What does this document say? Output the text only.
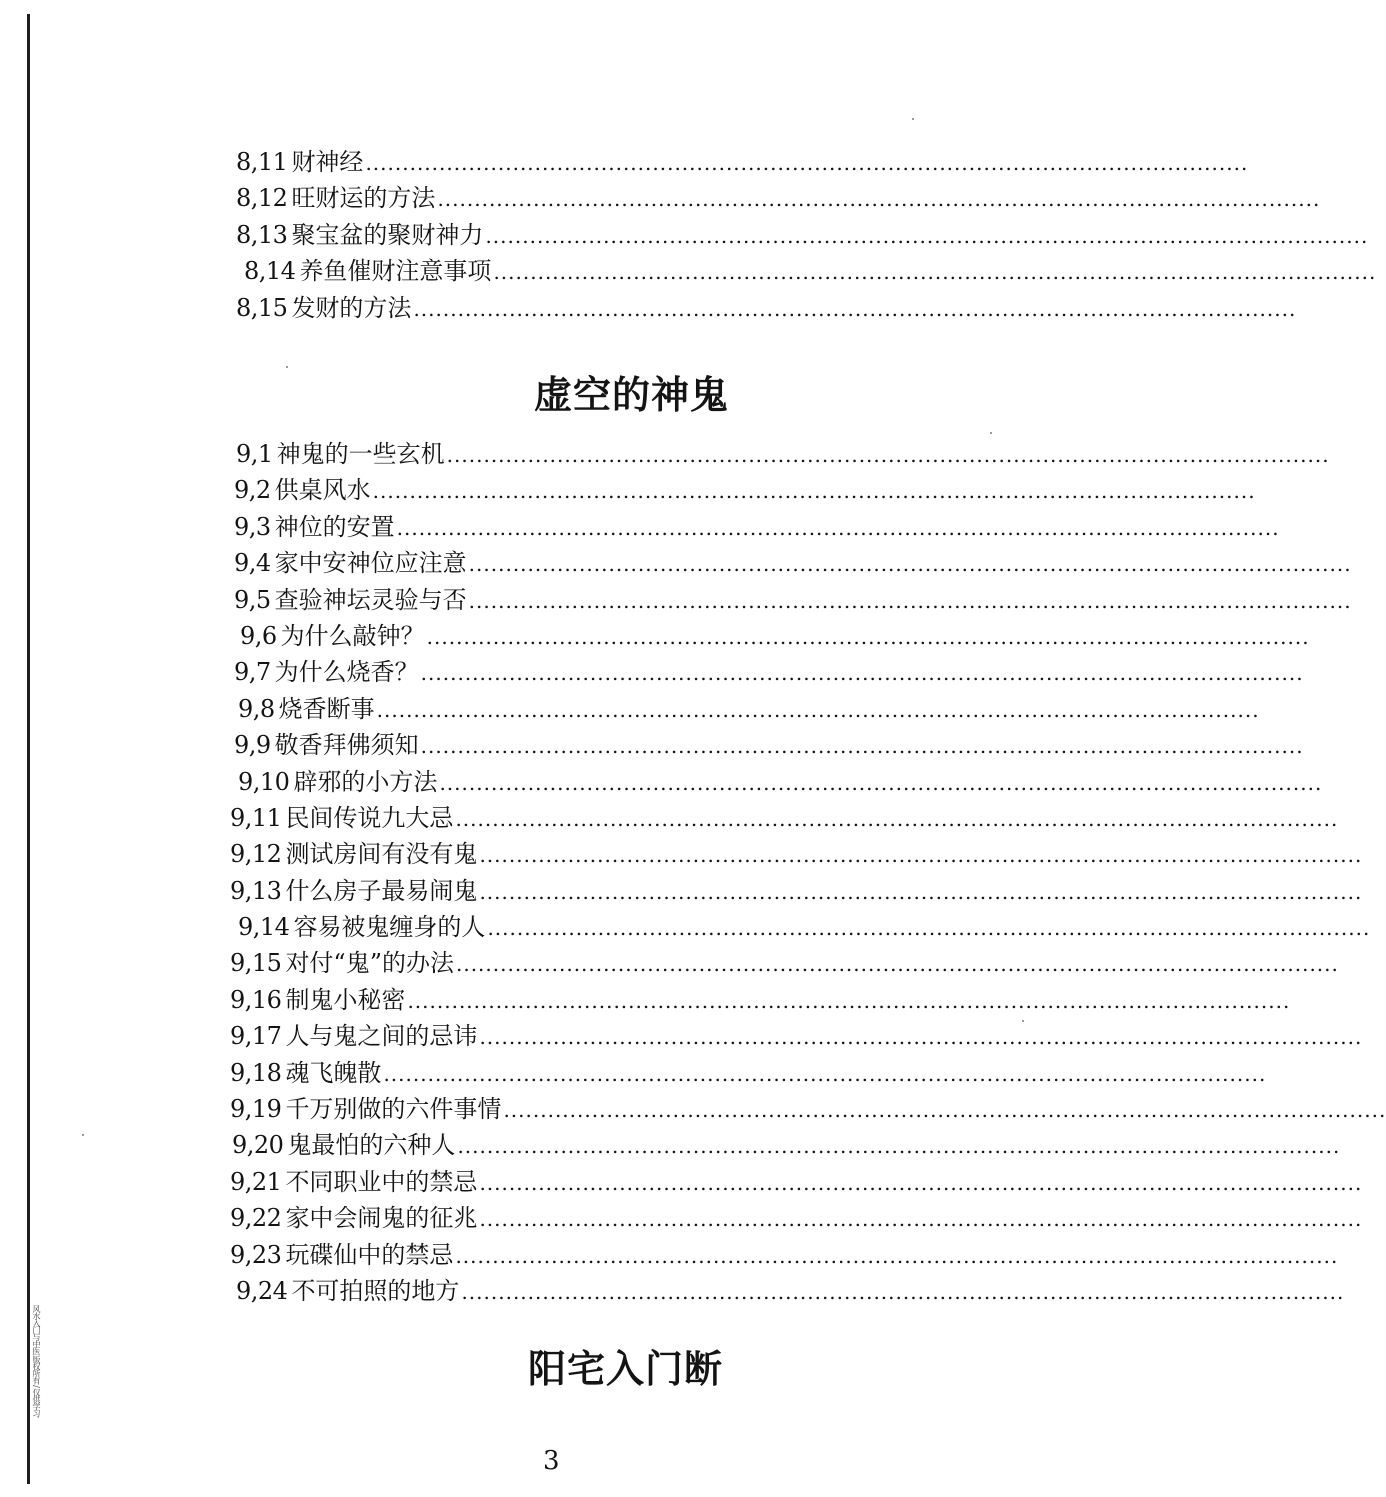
风水入门与中医 版权所有 / 仅供学习
8,11 财神经 ........................................................................................................................
8,12 旺财运的方法 ........................................................................................................................
8,13 聚宝盆的聚财神力 ........................................................................................................................
8,14 养鱼催财注意事项 ........................................................................................................................
8,15 发财的方法 ........................................................................................................................
虚空的神鬼
9,1 神鬼的一些玄机 ........................................................................................................................
9,2 供桌风水 ........................................................................................................................
9,3 神位的安置 ........................................................................................................................
9,4 家中安神位应注意 ........................................................................................................................
9,5 查验神坛灵验与否 ........................................................................................................................
9,6 为什么敲钟？ ........................................................................................................................
9,7 为什么烧香？ ........................................................................................................................
9,8 烧香断事 ........................................................................................................................
9,9 敬香拜佛须知 ........................................................................................................................
9,10 辟邪的小方法 ........................................................................................................................
9,11 民间传说九大忌 ........................................................................................................................
9,12 测试房间有没有鬼 ........................................................................................................................
9,13 什么房子最易闹鬼 ........................................................................................................................
9,14 容易被鬼缠身的人 ........................................................................................................................
9,15 对付“鬼”的办法 ........................................................................................................................
9,16 制鬼小秘密 ........................................................................................................................
9,17 人与鬼之间的忌讳 ........................................................................................................................
9,18 魂飞魄散 ........................................................................................................................
9,19 千万别做的六件事情 ........................................................................................................................
9,20 鬼最怕的六种人 ........................................................................................................................
9,21 不同职业中的禁忌 ........................................................................................................................
9,22 家中会闹鬼的征兆 ........................................................................................................................
9,23 玩碟仙中的禁忌 ........................................................................................................................
9,24 不可拍照的地方 ........................................................................................................................
阳宅入门断
3
